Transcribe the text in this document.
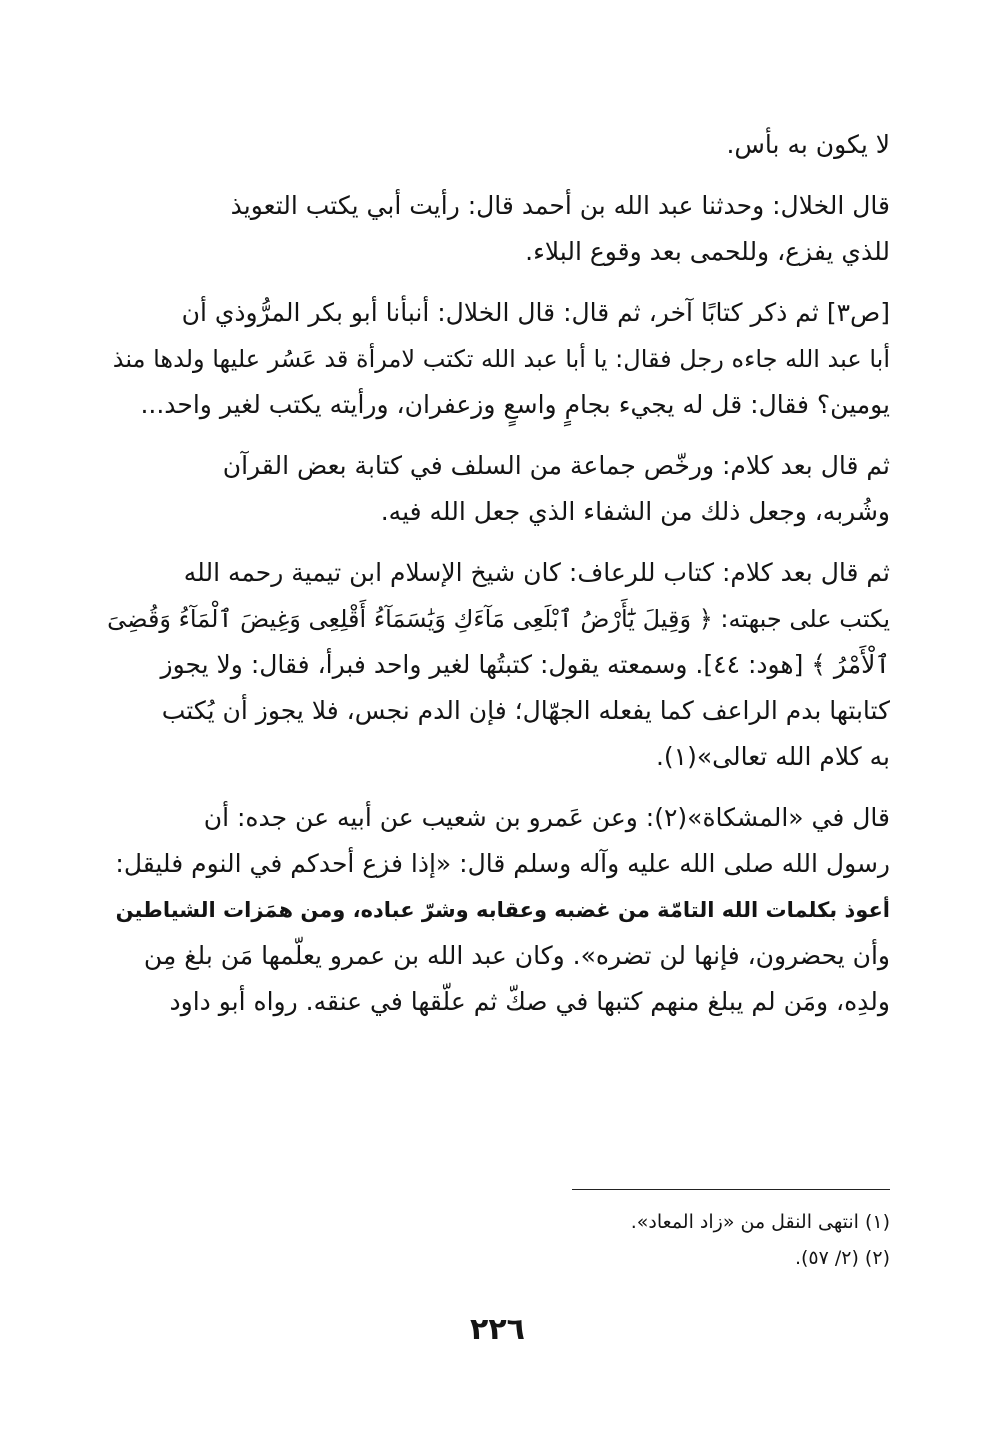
لا يكون به بأس.
قال الخلال: وحدثنا عبد الله بن أحمد قال: رأيت أبي يكتب التعويذ
للذي يفزع، وللحمى بعد وقوع البلاء.
[ص٣] ثم ذكر كتابًا آخر، ثم قال: قال الخلال: أنبأنا أبو بكر المرُّوذي أن
أبا عبد الله جاءه رجل فقال: يا أبا عبد الله تكتب لامرأة قد عَسُر عليها ولدها منذ
يومين؟ فقال: قل له يجيء بجامٍ واسعٍ وزعفران، ورأيته يكتب لغير واحد...
ثم قال بعد كلام: ورخّص جماعة من السلف في كتابة بعض القرآن
وشُربه، وجعل ذلك من الشفاء الذي جعل الله فيه.
ثم قال بعد كلام: كتاب للرعاف: كان شيخ الإسلام ابن تيمية رحمه الله
يكتب على جبهته: ﴿ وَقِيلَ يَٰٓأَرْضُ ٱبْلَعِى مَآءَكِ وَيَٰسَمَآءُ أَقْلِعِى وَغِيضَ ٱلْمَآءُ وَقُضِىَ
ٱلْأَمْرُ ﴾ [هود: ٤٤]. وسمعته يقول: كتبتُها لغير واحد فبرأ، فقال: ولا يجوز
كتابتها بدم الراعف كما يفعله الجهّال؛ فإن الدم نجس، فلا يجوز أن يُكتب
به كلام الله تعالى»(١).
قال في «المشكاة»(٢): وعن عَمرو بن شعيب عن أبيه عن جده: أن
رسول الله صلى الله عليه وآله وسلم قال: «إذا فزع أحدكم في النوم فليقل:
أعوذ بكلمات الله التامّة من غضبه وعقابه وشرّ عباده، ومن همَزات الشياطين
وأن يحضرون، فإنها لن تضره». وكان عبد الله بن عمرو يعلّمها مَن بلغ مِن
ولدِه، ومَن لم يبلغ منهم كتبها في صكّ ثم علّقها في عنقه. رواه أبو داود
(١) انتهى النقل من «زاد المعاد».
(٢) (٢/ ٥٧).
٢٢٦
